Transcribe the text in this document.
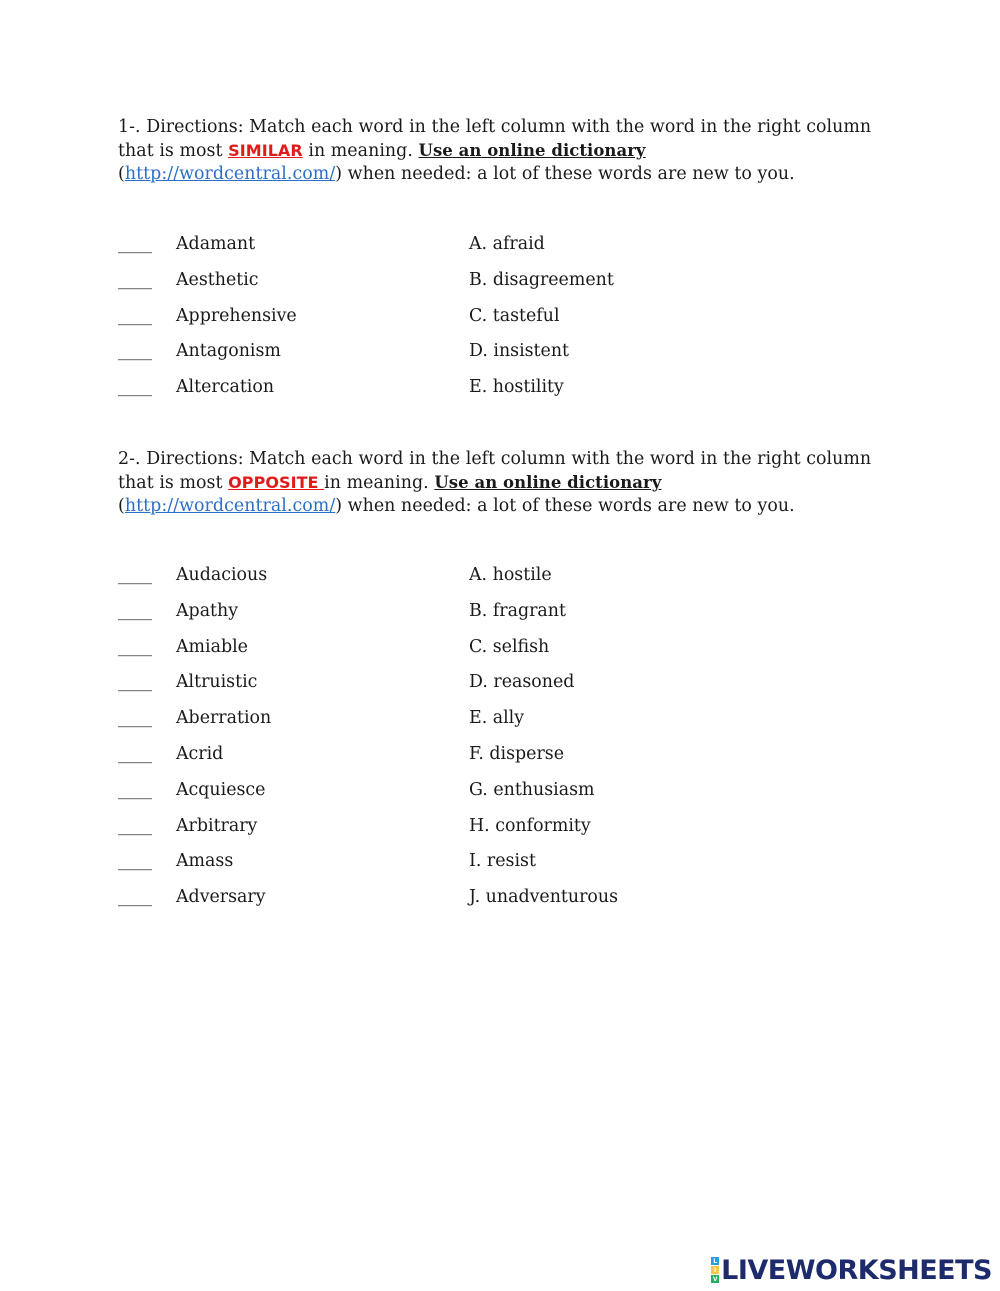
1-. Directions: Match each word in the left column with the word in the right column that is most SIMILAR in meaning. Use an online dictionary
(http://wordcentral.com/) when needed: a lot of these words are new to you.
____ Adamant	A. afraid
____ Aesthetic	B. disagreement
____ Apprehensive	C. tasteful
____ Antagonism	D. insistent
____ Altercation	E. hostility
2-. Directions: Match each word in the left column with the word in the right column that is most OPPOSITE in meaning. Use an online dictionary
(http://wordcentral.com/) when needed: a lot of these words are new to you.
____ Audacious	A. hostile
____ Apathy	B. fragrant
____ Amiable	C. selfish
____ Altruistic	D. reasoned
____ Aberration	E. ally
____ Acrid	F. disperse
____ Acquiesce	G. enthusiasm
____ Arbitrary	H. conformity
____ Amass	I. resist
____ Adversary	J. unadventurous
L
I
V LIVEWORKSHEETS
